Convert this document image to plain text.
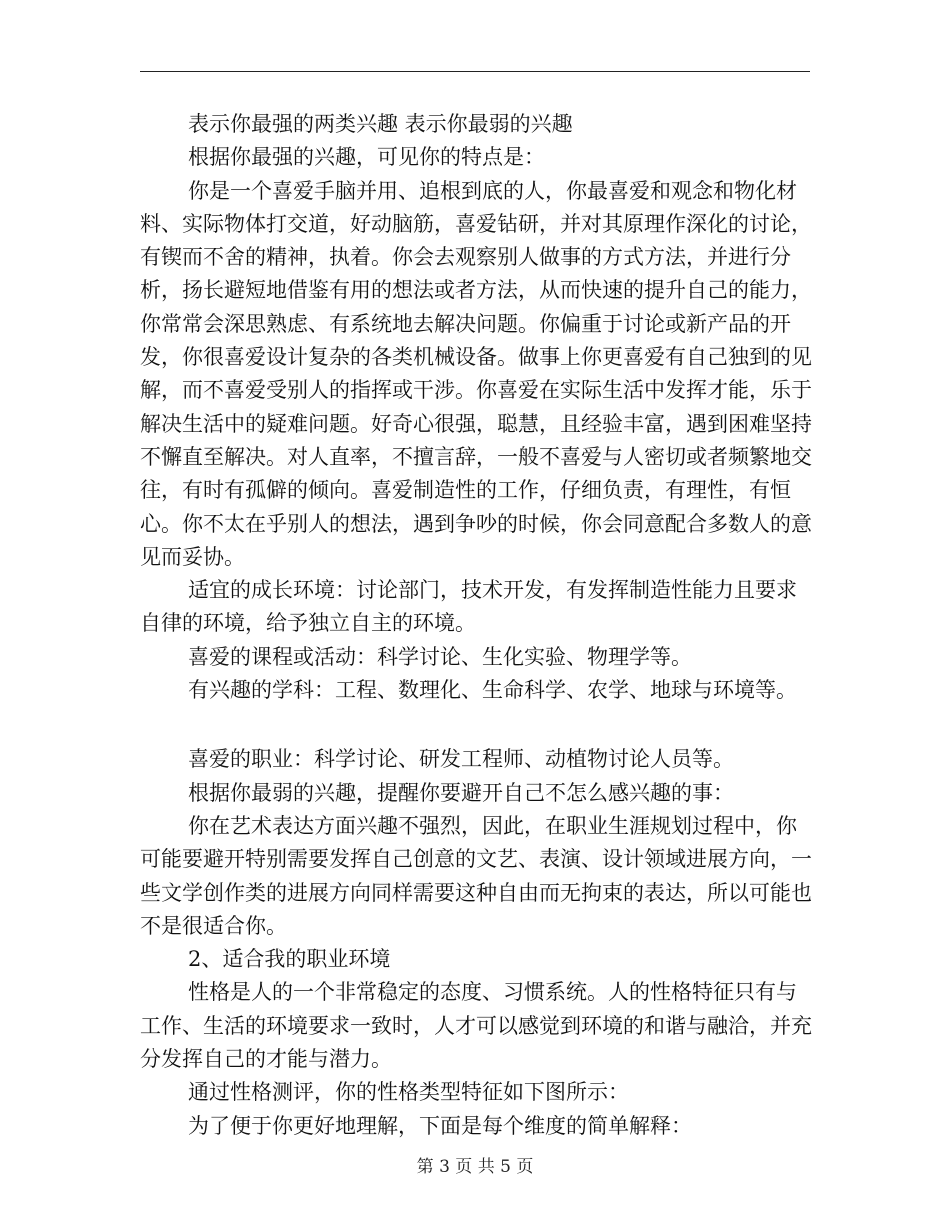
表示你最强的两类兴趣 表示你最弱的兴趣

根据你最强的兴趣，可见你的特点是：

你是一个喜爱手脑并用、追根到底的人，你最喜爱和观念和物化材料、实际物体打交道，好动脑筋，喜爱钻研，并对其原理作深化的讨论，有锲而不舍的精神，执着。你会去观察别人做事的方式方法，并进行分析，扬长避短地借鉴有用的想法或者方法，从而快速的提升自己的能力，你常常会深思熟虑、有系统地去解决问题。你偏重于讨论或新产品的开发，你很喜爱设计复杂的各类机械设备。做事上你更喜爱有自己独到的见解，而不喜爱受别人的指挥或干涉。你喜爱在实际生活中发挥才能，乐于解决生活中的疑难问题。好奇心很强，聪慧，且经验丰富，遇到困难坚持不懈直至解决。对人直率，不擅言辞，一般不喜爱与人密切或者频繁地交往，有时有孤僻的倾向。喜爱制造性的工作，仔细负责，有理性，有恒心。你不太在乎别人的想法，遇到争吵的时候，你会同意配合多数人的意见而妥协。

适宜的成长环境：讨论部门，技术开发，有发挥制造性能力且要求自律的环境，给予独立自主的环境。

喜爱的课程或活动：科学讨论、生化实验、物理学等。

有兴趣的学科：工程、数理化、生命科学、农学、地球与环境等。

喜爱的职业：科学讨论、研发工程师、动植物讨论人员等。

根据你最弱的兴趣，提醒你要避开自己不怎么感兴趣的事：

你在艺术表达方面兴趣不强烈，因此，在职业生涯规划过程中，你可能要避开特别需要发挥自己创意的文艺、表演、设计领域进展方向，一些文学创作类的进展方向同样需要这种自由而无拘束的表达，所以可能也不是很适合你。

2、适合我的职业环境

性格是人的一个非常稳定的态度、习惯系统。人的性格特征只有与工作、生活的环境要求一致时，人才可以感觉到环境的和谐与融洽，并充分发挥自己的才能与潜力。

通过性格测评，你的性格类型特征如下图所示：

为了便于你更好地理解，下面是每个维度的简单解释：

第 3 页 共 5 页
